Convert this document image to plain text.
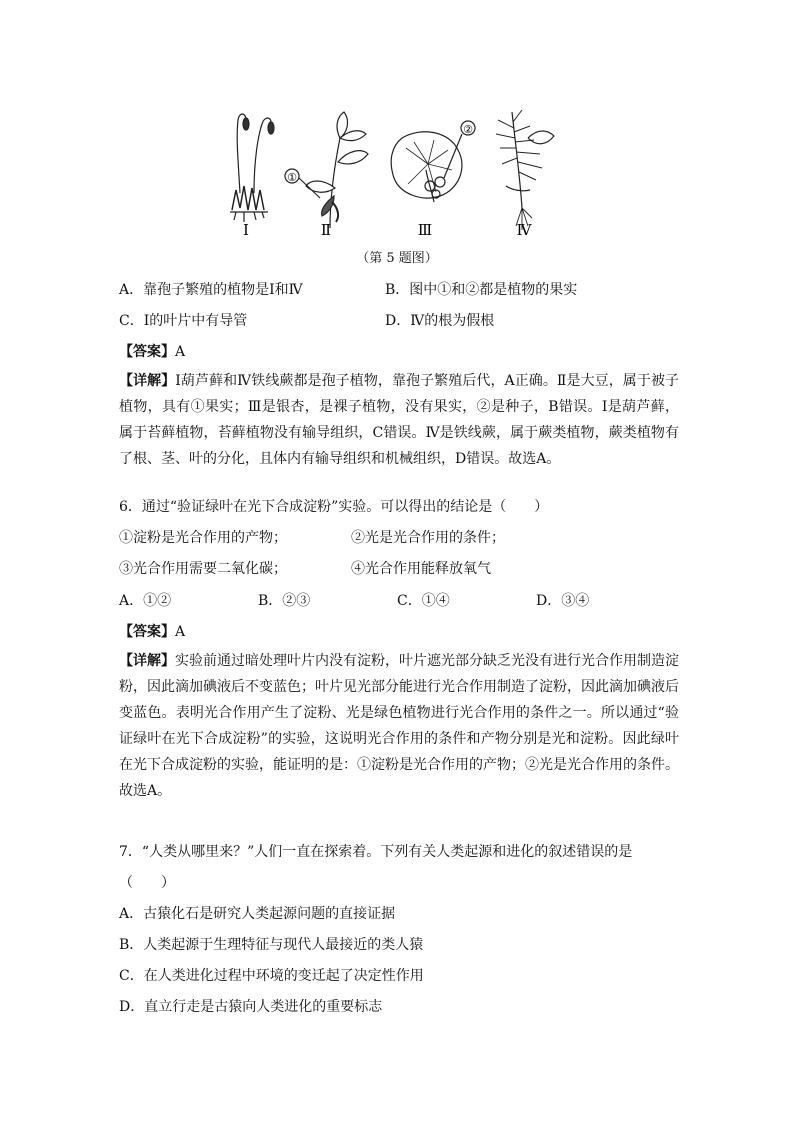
Ⅰ	Ⅱ	Ⅲ	Ⅳ
①
②
（第 5 题图）
A．靠孢子繁殖的植物是Ⅰ和Ⅳ	B．图中①和②都是植物的果实
C．Ⅰ的叶片中有导管	D．Ⅳ的根为假根
【答案】A
【详解】Ⅰ葫芦藓和Ⅳ铁线蕨都是孢子植物，靠孢子繁殖后代，A正确。Ⅱ是大豆，属于被子植物，具有①果实；Ⅲ是银杏，是裸子植物，没有果实，②是种子，B错误。Ⅰ是葫芦藓，属于苔藓植物，苔藓植物没有输导组织，C错误。Ⅳ是铁线蕨，属于蕨类植物，蕨类植物有了根、茎、叶的分化，且体内有输导组织和机械组织，D错误。故选A。
6．通过“验证绿叶在光下合成淀粉”实验。可以得出的结论是（　　）
①淀粉是光合作用的产物；	②光是光合作用的条件；
③光合作用需要二氧化碳；	④光合作用能释放氧气
A．①②	B．②③	C．①④	D．③④
【答案】A
【详解】实验前通过暗处理叶片内没有淀粉，叶片遮光部分缺乏光没有进行光合作用制造淀粉，因此滴加碘液后不变蓝色；叶片见光部分能进行光合作用制造了淀粉，因此滴加碘液后变蓝色。表明光合作用产生了淀粉、光是绿色植物进行光合作用的条件之一。所以通过“验证绿叶在光下合成淀粉”的实验，这说明光合作用的条件和产物分别是光和淀粉。因此绿叶在光下合成淀粉的实验，能证明的是：①淀粉是光合作用的产物；②光是光合作用的条件。故选A。
7．“人类从哪里来？”人们一直在探索着。下列有关人类起源和进化的叙述错误的是
（　　）
A．古猿化石是研究人类起源问题的直接证据
B．人类起源于生理特征与现代人最接近的类人猿
C．在人类进化过程中环境的变迁起了决定性作用
D．直立行走是古猿向人类进化的重要标志
